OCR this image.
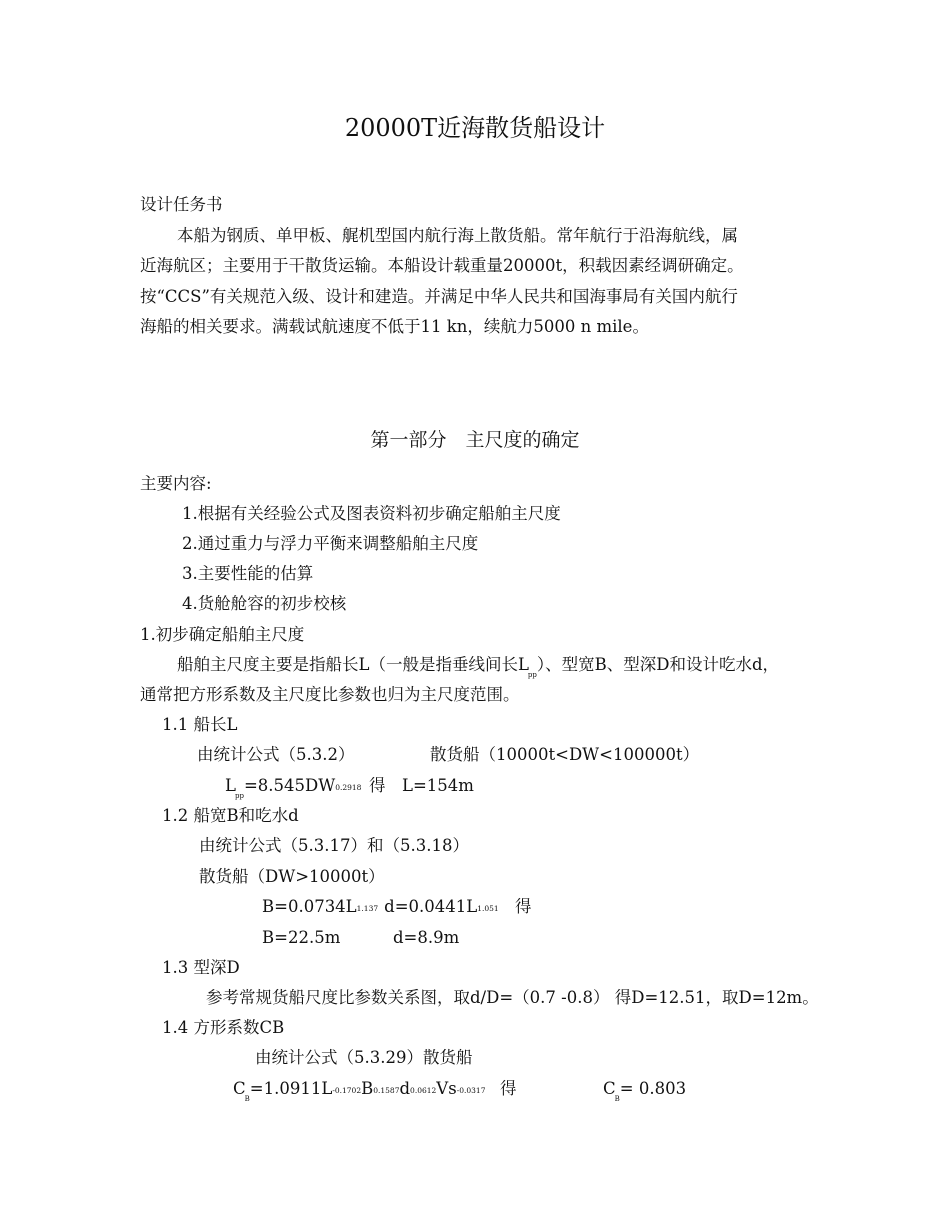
20000T近海散货船设计
设计任务书
本船为钢质、单甲板、艉机型国内航行海上散货船。常年航行于沿海航线，属
近海航区；主要用于干散货运输。本船设计载重量20000t，积载因素经调研确定。
按“CCS”有关规范入级、设计和建造。并满足中华人民共和国海事局有关国内航行
海船的相关要求。满载试航速度不低于11 kn，续航力5000 n mile。
第一部分　主尺度的确定
主要内容:
1.根据有关经验公式及图表资料初步确定船舶主尺度
2.通过重力与浮力平衡来调整船舶主尺度
3.主要性能的估算
4.货舱舱容的初步校核
1.初步确定船舶主尺度
船舶主尺度主要是指船长L（一般是指垂线间长$L_{pp}$）、型宽B、型深D和设计吃水d，
通常把方形系数及主尺度比参数也归为主尺度范围。
1.1 船长L
由统计公式（5.3.2）	散货船（10000t<DW<100000t）
$L_{pp}=8.545DW0.2918$ 得　L=154m
1.2 船宽B和吃水d
由统计公式（5.3.17）和（5.3.18）
散货船（DW>10000t）
B=0.0734L1.137 d=0.0441L1.051 得
B=22.5m	d=8.9m
1.3 型深D
参考常规货船尺度比参数关系图，取d/D=（0.7 -0.8） 得D=12.51，取D=12m。
1.4 方形系数CB
由统计公式（5.3.29）散货船
$C_B=1.0911L-0.1702B0.1587d0.0612Vs-0.0317$ 得	$C_B= 0.803$
